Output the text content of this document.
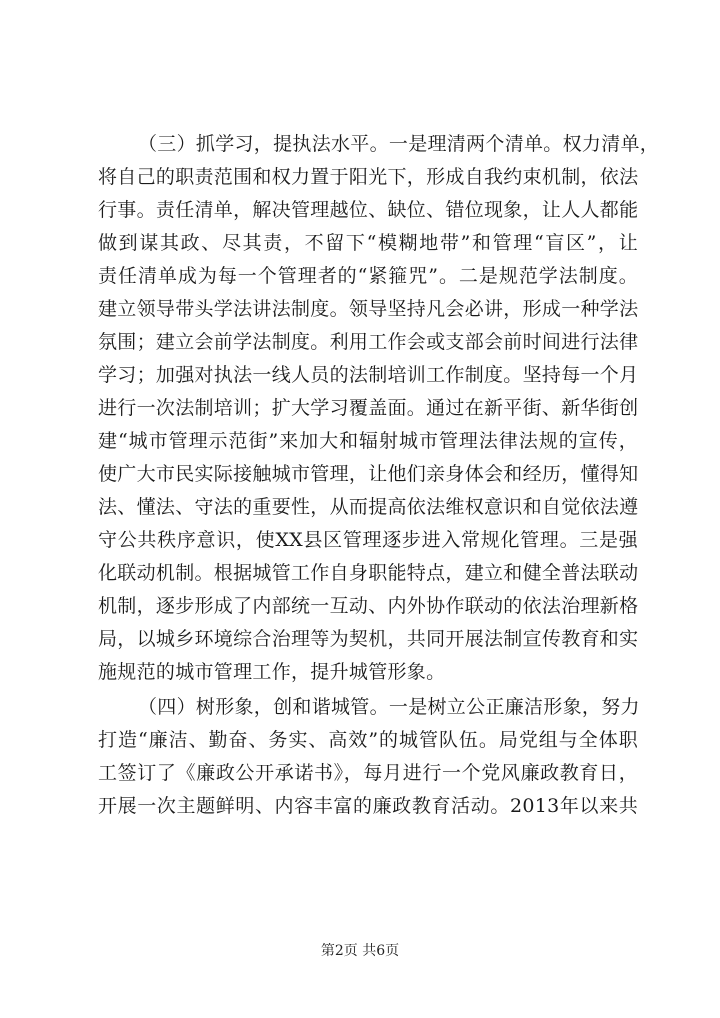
（三）抓学习，提执法水平。一是理清两个清单。权力清单，
将自己的职责范围和权力置于阳光下，形成自我约束机制，依法
行事。责任清单，解决管理越位、缺位、错位现象，让人人都能
做到谋其政、尽其责，不留下“模糊地带”和管理“盲区”，让
责任清单成为每一个管理者的“紧箍咒”。二是规范学法制度。
建立领导带头学法讲法制度。领导坚持凡会必讲，形成一种学法
氛围；建立会前学法制度。利用工作会或支部会前时间进行法律
学习；加强对执法一线人员的法制培训工作制度。坚持每一个月
进行一次法制培训；扩大学习覆盖面。通过在新平街、新华街创
建“城市管理示范街”来加大和辐射城市管理法律法规的宣传，
使广大市民实际接触城市管理，让他们亲身体会和经历，懂得知
法、懂法、守法的重要性，从而提高依法维权意识和自觉依法遵
守公共秩序意识，使XX县区管理逐步进入常规化管理。三是强
化联动机制。根据城管工作自身职能特点，建立和健全普法联动
机制，逐步形成了内部统一互动、内外协作联动的依法治理新格
局，以城乡环境综合治理等为契机，共同开展法制宣传教育和实
施规范的城市管理工作，提升城管形象。
（四）树形象，创和谐城管。一是树立公正廉洁形象，努力
打造“廉洁、勤奋、务实、高效”的城管队伍。局党组与全体职
工签订了《廉政公开承诺书》，每月进行一个党风廉政教育日，
开展一次主题鲜明、内容丰富的廉政教育活动。2013年以来共
第2页 共6页
